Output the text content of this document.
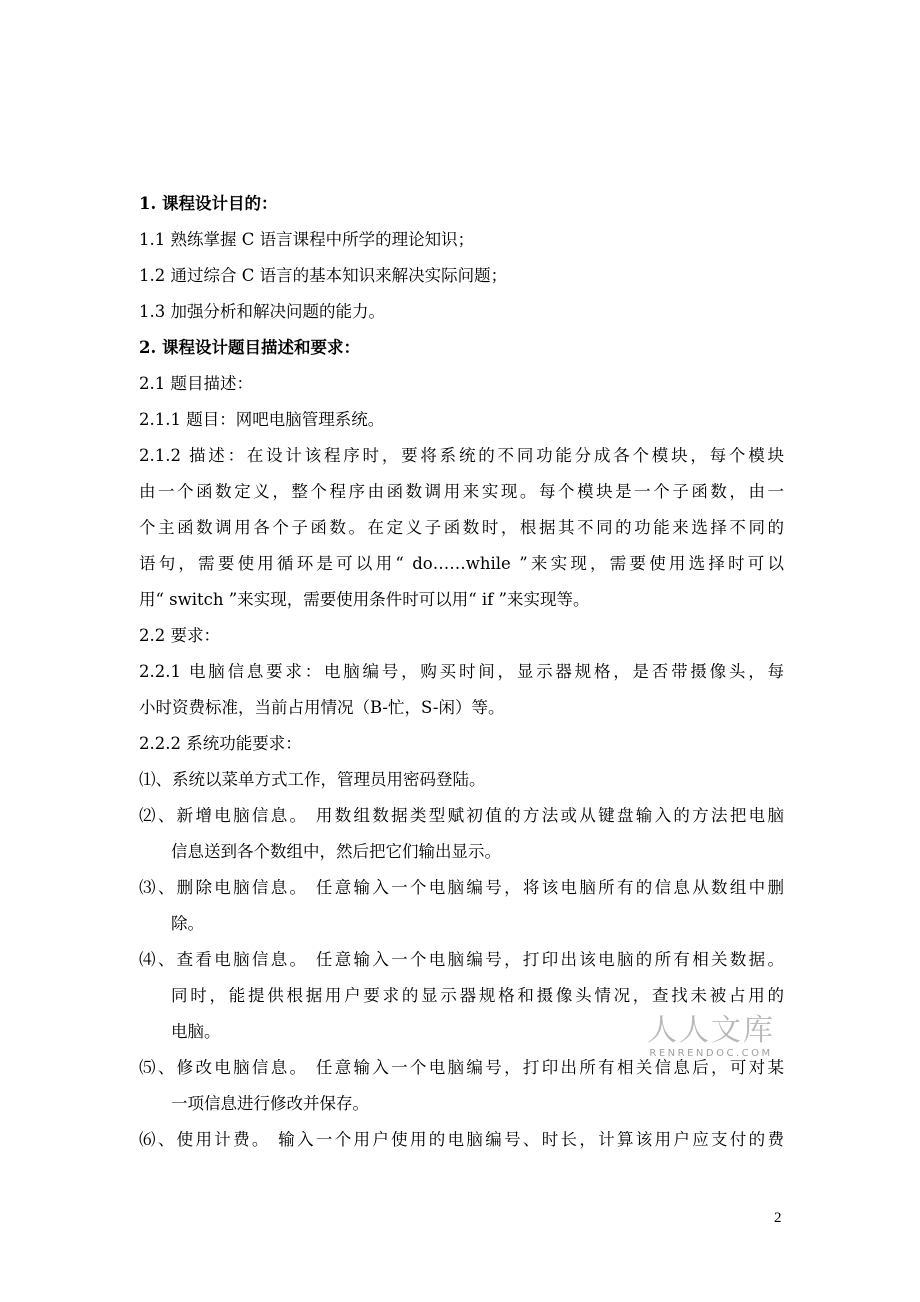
1. 课程设计目的：
1.1 熟练掌握 C 语言课程中所学的理论知识；
1.2 通过综合 C 语言的基本知识来解决实际问题；
1.3 加强分析和解决问题的能力。
2. 课程设计题目描述和要求：
2.1 题目描述：
2.1.1 题目：网吧电脑管理系统。
2.1.2 描述：在设计该程序时，要将系统的不同功能分成各个模块，每个模块
由一个函数定义，整个程序由函数调用来实现。每个模块是一个子函数，由一
个主函数调用各个子函数。在定义子函数时，根据其不同的功能来选择不同的
语句，需要使用循环是可以用“ do……while ”来实现，需要使用选择时可以
用“ switch ”来实现，需要使用条件时可以用“ if ”来实现等。
2.2 要求：
2.2.1 电脑信息要求：电脑编号，购买时间，显示器规格，是否带摄像头，每
小时资费标准，当前占用情况（B-忙，S-闲）等。
2.2.2 系统功能要求：
⑴、系统以菜单方式工作，管理员用密码登陆。
⑵、新增电脑信息。 用数组数据类型赋初值的方法或从键盘输入的方法把电脑
信息送到各个数组中，然后把它们输出显示。
⑶、删除电脑信息。 任意输入一个电脑编号，将该电脑所有的信息从数组中删
除。
⑷、查看电脑信息。 任意输入一个电脑编号，打印出该电脑的所有相关数据。
同时，能提供根据用户要求的显示器规格和摄像头情况，查找未被占用的
电脑。
⑸、修改电脑信息。 任意输入一个电脑编号，打印出所有相关信息后，可对某
一项信息进行修改并保存。
⑹、使用计费。 输入一个用户使用的电脑编号、时长，计算该用户应支付的费
人人文库
RENRENDOC.COM
2
